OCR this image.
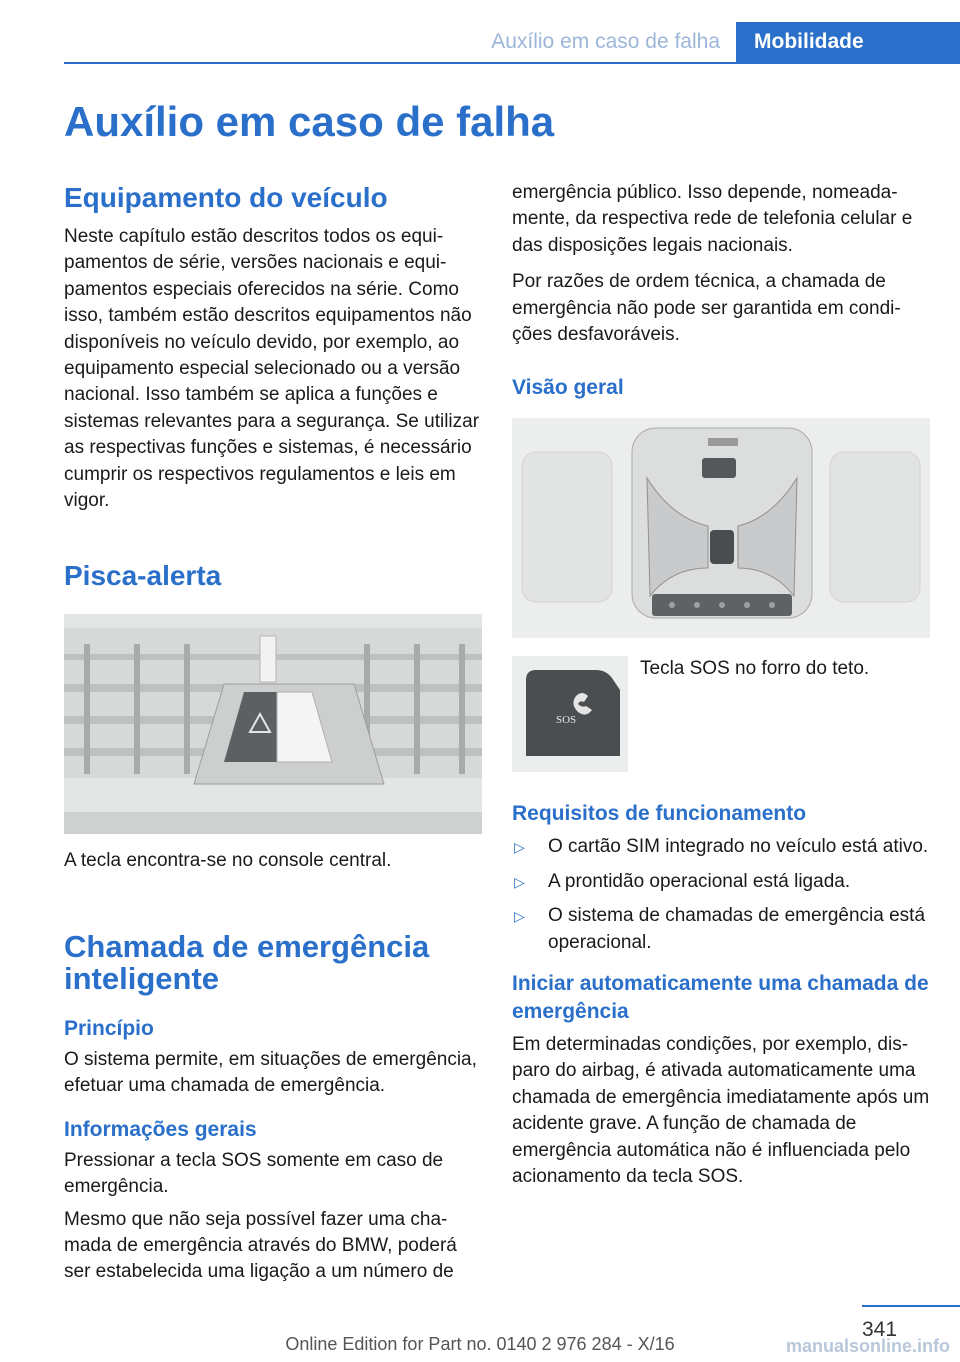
Auxílio em caso de falha	Mobilidade
Auxílio em caso de falha
Equipamento do veículo

Neste capítulo estão descritos todos os equipamentos de série, versões nacionais e equipamentos especiais oferecidos na série. Como isso, também estão descritos equipamentos não disponíveis no veículo devido, por exemplo, ao equipamento especial selecionado ou a versão nacional. Isso também se aplica a funções e sistemas relevantes para a segurança. Se utilizar as respectivas funções e sistemas, é necessário cumprir os respectivos regulamentos e leis em vigor.

Pisca-alerta

A tecla encontra-se no console central.

Chamada de emergência inteligente
Princípio

O sistema permite, em situações de emergência, efetuar uma chamada de emergência.

Informações gerais

Pressionar a tecla SOS somente em caso de emergência.

Mesmo que não seja possível fazer uma chamada de emergência através do BMW, poderá ser estabelecida uma ligação a um número de

emergência público. Isso depende, nomeadamente, da respectiva rede de telefonia celular e das disposições legais nacionais.

Por razões de ordem técnica, a chamada de emergência não pode ser garantida em condições desfavoráveis.

Visão geral
SOS

Tecla SOS no forro do teto.

Requisitos de funcionamento
▷ O cartão SIM integrado no veículo está ativo.
▷ A prontidão operacional está ligada.
▷ O sistema de chamadas de emergência está operacional.
Iniciar automaticamente uma chamada de emergência

Em determinadas condições, por exemplo, disparo do airbag, é ativada automaticamente uma chamada de emergência imediatamente após um acidente grave. A função de chamada de emergência automática não é influenciada pelo acionamento da tecla SOS.

341
Online Edition for Part no. 0140 2 976 284 - X/16	manualsonline.info
